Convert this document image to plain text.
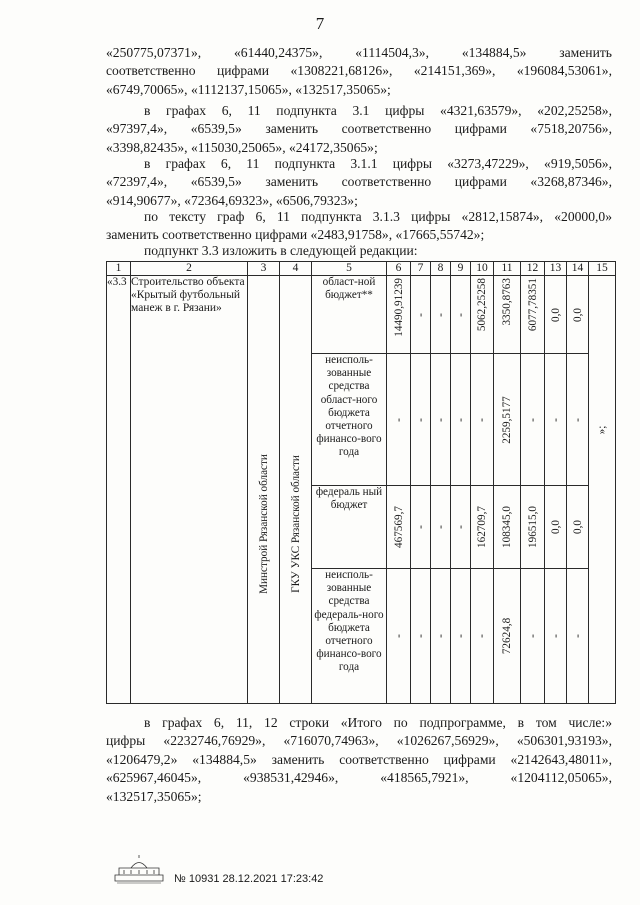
7
«250775,07371», «61440,24375», «1114504,3», «134884,5» заменить
соответственно цифрами «1308221,68126», «214151,369», «196084,53061»,
«6749,70065», «1112137,15065», «132517,35065»;
в графах 6, 11 подпункта 3.1 цифры «4321,63579», «202,25258»,
«97397,4», «6539,5» заменить соответственно цифрами «7518,20756»,
«3398,82435», «115030,25065», «24172,35065»;
в графах 6, 11 подпункта 3.1.1 цифры «3273,47229», «919,5056»,
«72397,4», «6539,5» заменить соответственно цифрами «3268,87346»,
«914,90677», «72364,69323», «6506,79323»;
по тексту граф 6, 11 подпункта 3.1.3 цифры «2812,15874», «20000,0»
заменить соответственно цифрами «2483,91758», «17665,55742»;
подпункт 3.3 изложить в следующей редакции:
1	2	3	4	5	6	7	8	9	10	11	12	13	14	15
«3.3	Строительство объекта «Крытый футбольный манеж в г. Рязани»	Минстрой Рязанской области	ГКУ УКС Рязанской области	област-ной бюджет**	14490,91239	-	-	-	5062,25258	3350,8763	6077,78351	0,0	0,0	»;

				неисполь-зованные средства област-ного бюджета отчетного финансо-вого года	-	-	-	-	-	2259,5177	-	-	-	

				федераль ный бюджет	467569,7	-	-	-	162709,7	108345,0	196515,0	0,0	0,0	

				неисполь-зованные средства федераль-ного бюджета отчетного финансо-вого года	-	-	-	-	-	72624,8	-	-	-	
в графах 6, 11, 12 строки «Итого по подпрограмме, в том числе:»
цифры «2232746,76929», «716070,74963», «1026267,56929», «506301,93193»,
«1206479,2» «134884,5» заменить соответственно цифрами «2142643,48011»,
«625967,46045», «938531,42946», «418565,7921», «1204112,05065»,
«132517,35065»;
№ 10931 28.12.2021 17:23:42
